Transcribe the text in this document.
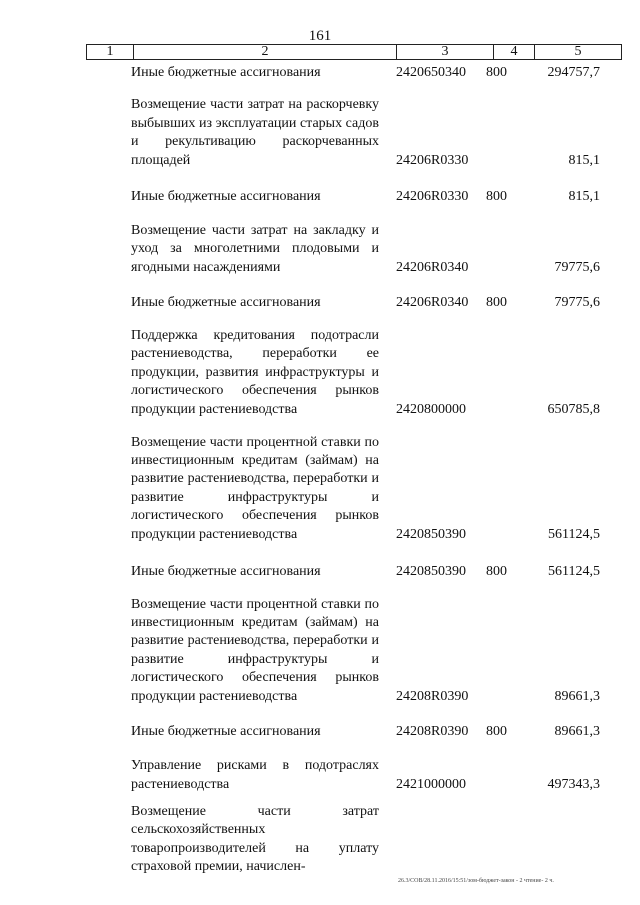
161
1	2	3	4	5
Иные бюджетные ассигнования	2420650340 800	294757,7
Возмещение части затрат на раскорчевку выбывших из эксплуатации старых садов и рекультивацию раскорчеванных площадей	24206R0330	815,1
Иные бюджетные ассигнования	24206R0330 800	815,1
Возмещение части затрат на закладку и уход за многолетними плодовыми и ягодными насаждениями	24206R0340	79775,6
Иные бюджетные ассигнования	24206R0340 800	79775,6
Поддержка кредитования подотрасли растениеводства, переработки ее продукции, развития инфраструктуры и логистического обеспечения рынков продукции растениеводства	2420800000	650785,8
Возмещение части процентной ставки по инвестиционным кредитам (займам) на развитие растениеводства, переработки и развитие инфраструктуры и логистического обеспечения рынков продукции растениеводства	2420850390	561124,5
Иные бюджетные ассигнования	2420850390 800	561124,5
Возмещение части процентной ставки по инвестиционным кредитам (займам) на развитие растениеводства, переработки и развитие инфраструктуры и логистического обеспечения рынков продукции растениеводства	24208R0390	89661,3
Иные бюджетные ассигнования	24208R0390 800	89661,3
Управление рисками в подотраслях растениеводства	2421000000	497343,3
Возмещение части затрат сельскохозяйственных товаропроизводителей на уплату страховой премии, начислен-
26.3/СОВ/28.11.2016/15:51/зом-бюджет-закон - 2 чтение- 2 ч.
